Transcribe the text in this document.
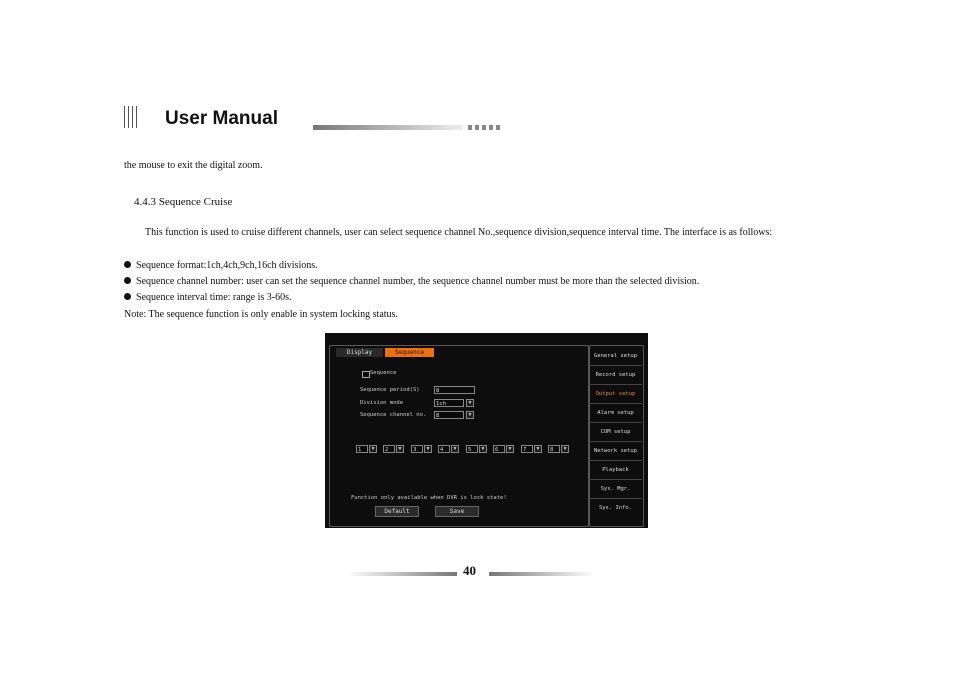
User Manual
the mouse to exit the digital zoom.
4.4.3 Sequence Cruise
This function is used to cruise different channels, user can select sequence channel No.,sequence division,sequence interval time. The interface is as follows:
Sequence format:1ch,4ch,9ch,16ch divisions.
Sequence channel number: user can set the sequence channel number, the sequence channel number must be more than the selected division.
Sequence interval time: range is 3-60s.
Note: The sequence function is only enable in system locking status.
Display	Sequence
Sequence
Sequence period(S)	8
Division mode	1ch	▼
Sequence channel no.	8	▼
1	▼	2	▼	3	▼	4	▼	5	▼	6	▼	7	▼	8	▼
Function only available when DVR is lock state!
Default	Save
General setup
Record setup
Output setup
Alarm setup
COM setup
Network setup
Playback
Sys. Mgr.
Sys. Info.
40
